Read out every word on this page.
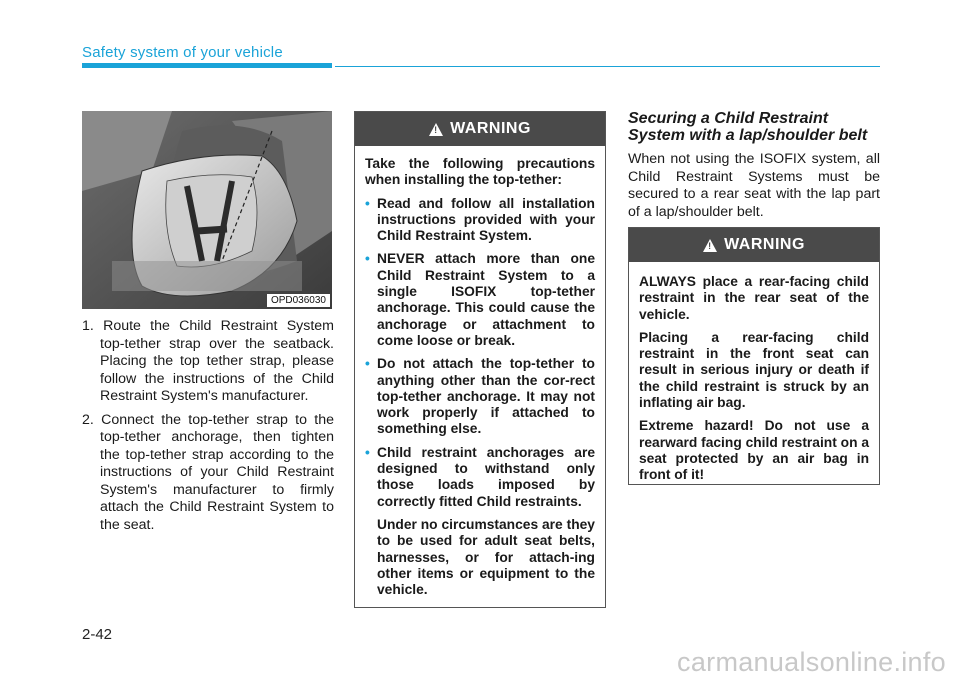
Safety system of your vehicle
OPD036030
1. Route the Child Restraint System top-tether strap over the seatback. Placing the top tether strap, please follow the instructions of the Child Restraint System's manufacturer.
2. Connect the top-tether strap to the top-tether anchorage, then tighten the top-tether strap according to the instructions of your Child Restraint System's manufacturer to firmly attach the Child Restraint System to the seat.
!
WARNING

Take the following precautions when installing the top-tether:

• Read and follow all installation instructions provided with your Child Restraint System.
• NEVER attach more than one Child Restraint System to a single ISOFIX top-tether anchorage. This could cause the anchorage or attachment to come loose or break.
• Do not attach the top-tether to anything other than the cor-rect top-tether anchorage. It may not work properly if attached to something else.
• Child restraint anchorages are designed to withstand only those loads imposed by correctly fitted Child restraints.
Under no circumstances are they to be used for adult seat belts, harnesses, or for attach-ing other items or equipment to the vehicle.
Securing a Child Restraint System with a lap/shoulder belt
When not using the ISOFIX system, all Child Restraint Systems must be secured to a rear seat with the lap part of a lap/shoulder belt.
!
WARNING

ALWAYS place a rear-facing child restraint in the rear seat of the vehicle.

Placing a rear-facing child restraint in the front seat can result in serious injury or death if the child restraint is struck by an inflating air bag.

Extreme hazard! Do not use a rearward facing child restraint on a seat protected by an air bag in front of it!

2-42
carmanualsonline.info
